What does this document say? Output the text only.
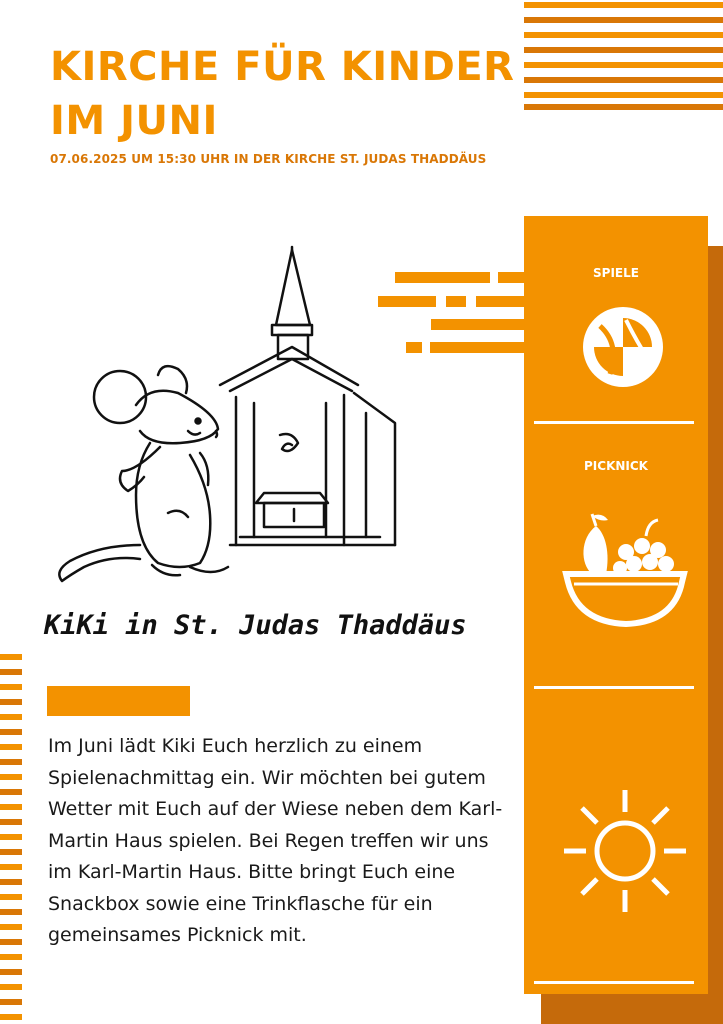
KIRCHE FÜR KINDER
IM JUNI
07.06.2025 UM 15:30 UHR IN DER KIRCHE ST. JUDAS THADDÄUS
SPIELE
PICKNICK
KiKi in St. Judas Thaddäus

Im Juni lädt Kiki Euch herzlich zu einem Spielenachmittag ein. Wir möchten bei gutem Wetter mit Euch auf der Wiese neben dem Karl-Martin Haus spielen. Bei Regen treffen wir uns im Karl-Martin Haus. Bitte bringt Euch eine Snackbox sowie eine Trinkflasche für ein gemeinsames Picknick mit.
